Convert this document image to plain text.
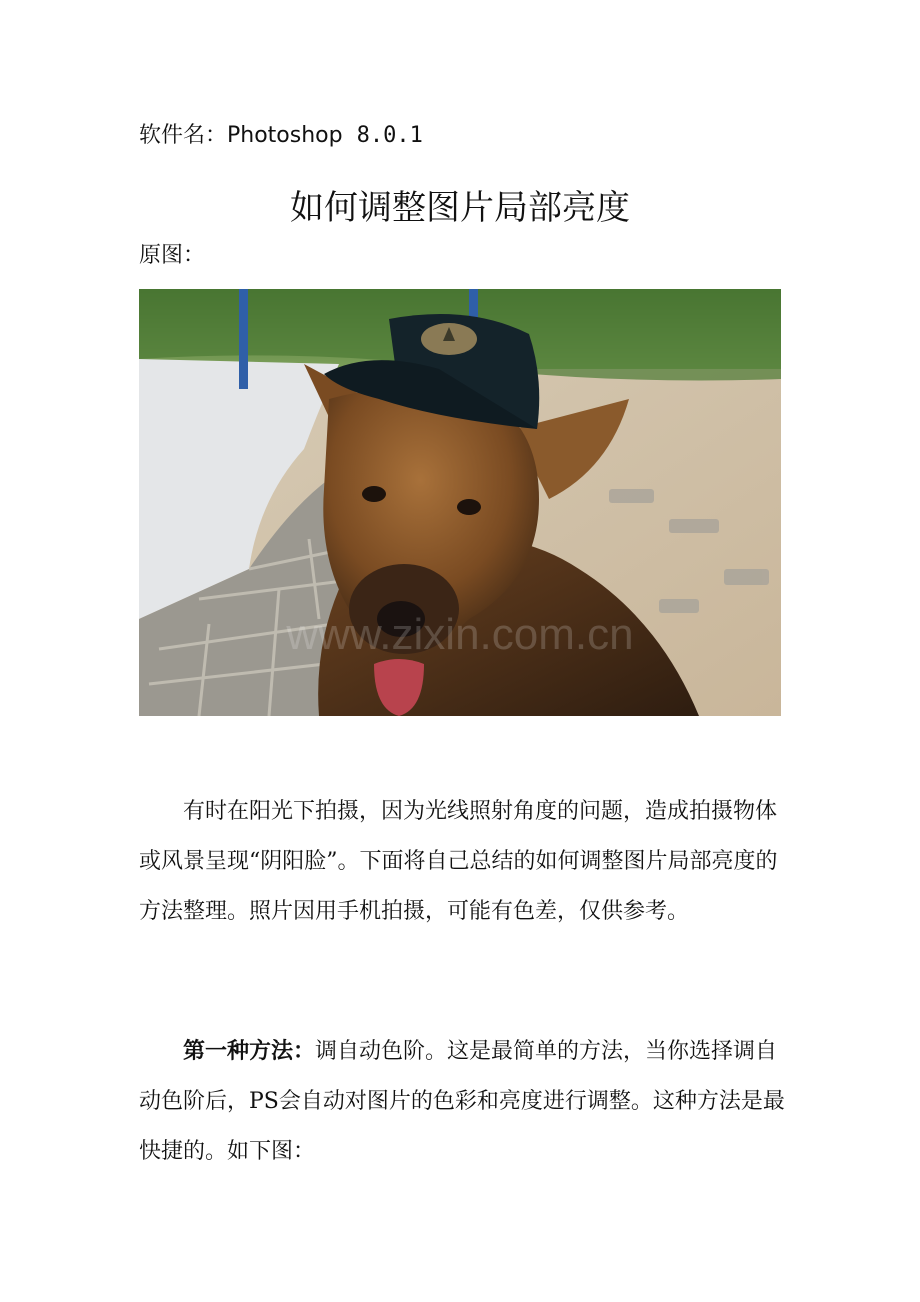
软件名：Photoshop 8.0.1
如何调整图片局部亮度
原图：
www.zixin.com.cn

有时在阳光下拍摄，因为光线照射角度的问题，造成拍摄物体或风景呈现“阴阳脸”。下面将自己总结的如何调整图片局部亮度的方法整理。照片因用手机拍摄，可能有色差，仅供参考。

第一种方法：调自动色阶。这是最简单的方法，当你选择调自动色阶后，PS会自动对图片的色彩和亮度进行调整。这种方法是最快捷的。如下图：
